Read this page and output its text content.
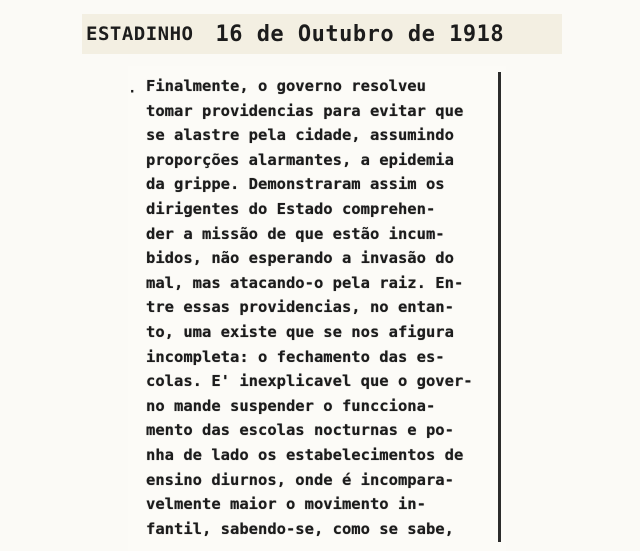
ESTADINHO 16 de Outubro de 1918
· Finalmente, o governo resolveu
tomar providencias para evitar que
se alastre pela cidade, assumindo
proporções alarmantes, a epidemia
da grippe. Demonstraram assim os
dirigentes do Estado comprehen-
der a missão de que estão incum-
bidos, não esperando a invasão do
mal, mas atacando-o pela raiz. En-
tre essas providencias, no entan-
to, uma existe que se nos afigura
incompleta: o fechamento das es-
colas. E' inexplicavel que o gover-
no mande suspender o funcciona-
mento das escolas nocturnas e po-
nha de lado os estabelecimentos de
ensino diurnos, onde é incompara-
velmente maior o movimento in-
fantil, sabendo-se, como se sabe,
